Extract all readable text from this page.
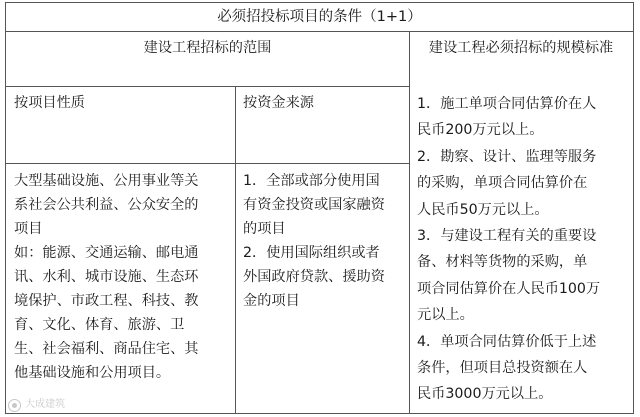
必须招投标项目的条件（1+1）
建设工程招标的范围	建设工程必须招标的规模标准
按项目性质	按资金来源

大型基础设施、公用事业等关

系社会公共利益、公众安全的

项目

如：能源、交通运输、邮电通

讯、水利、城市设施、生态环

境保护、市政工程、科技、教

育、文化、体育、旅游、卫

生、社会福利、商品住宅、其

他基础设施和公用项目。

1．全部或部分使用国

有资金投资或国家融资

的项目

2．使用国际组织或者

外国政府贷款、援助资

金的项目

1．施工单项合同估算价在人

民币200万元以上。

2．勘察、设计、监理等服务

的采购，单项合同估算价在

人民币50万元以上。

3．与建设工程有关的重要设

备、材料等货物的采购，单

项合同估算价在人民币100万

元以上。

4．单项合同估算价低于上述

条件，但项目总投资额在人

民币3000万元以上。

大成建筑
